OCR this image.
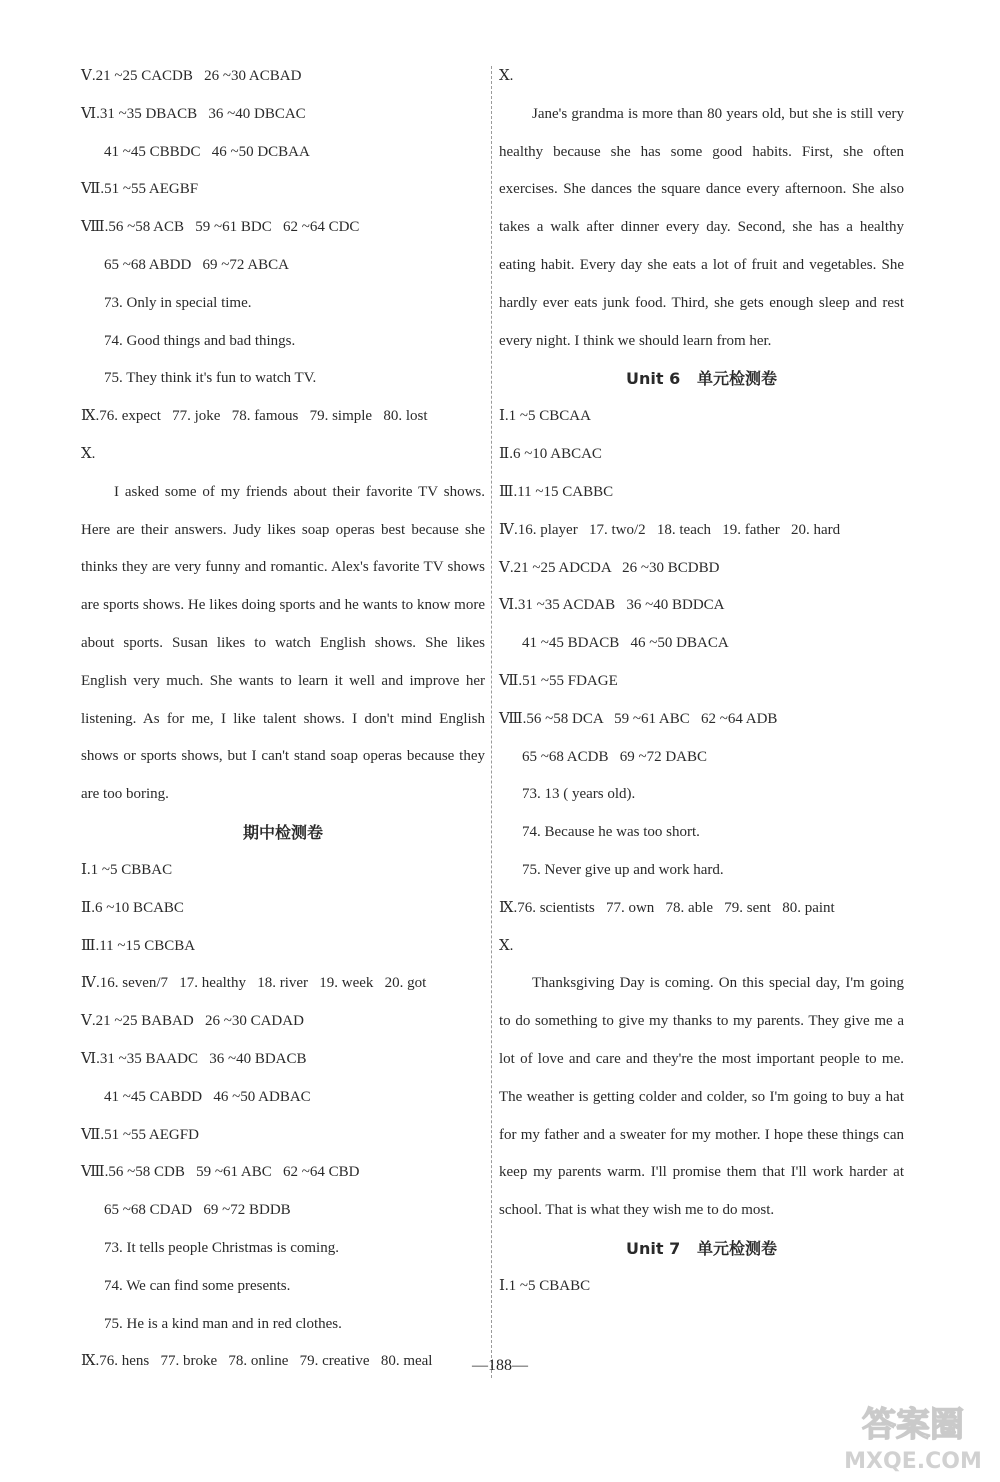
Ⅴ.21 ~25 CACDB   26 ~30 ACBAD
Ⅵ.31 ~35 DBACB   36 ~40 DBCAC
41 ~45 CBBDC   46 ~50 DCBAA
Ⅶ.51 ~55 AEGBF
Ⅷ.56 ~58 ACB   59 ~61 BDC   62 ~64 CDC
65 ~68 ABDD   69 ~72 ABCA
73. Only in special time.
74. Good things and bad things.
75. They think it's fun to watch TV.
Ⅸ.76. expect   77. joke   78. famous   79. simple   80. lost
Ⅹ.

I asked some of my friends about their favorite TV shows. Here are their answers. Judy likes soap operas best because she thinks they are very funny and romantic. Alex's favorite TV shows are sports shows. He likes doing sports and he wants to know more about sports. Susan likes to watch English shows. She likes English very much. She wants to learn it well and improve her listening. As for me, I like talent shows. I don't mind English shows or sports shows, but I can't stand soap operas because they are too boring.

期中检测卷
Ⅰ.1 ~5 CBBAC
Ⅱ.6 ~10 BCABC
Ⅲ.11 ~15 CBCBA
Ⅳ.16. seven/7   17. healthy   18. river   19. week   20. got
Ⅴ.21 ~25 BABAD   26 ~30 CADAD
Ⅵ.31 ~35 BAADC   36 ~40 BDACB
41 ~45 CABDD   46 ~50 ADBAC
Ⅶ.51 ~55 AEGFD
Ⅷ.56 ~58 CDB   59 ~61 ABC   62 ~64 CBD
65 ~68 CDAD   69 ~72 BDDB
73. It tells people Christmas is coming.
74. We can find some presents.
75. He is a kind man and in red clothes.
Ⅸ.76. hens   77. broke   78. online   79. creative   80. meal
Ⅹ.

Jane's grandma is more than 80 years old, but she is still very healthy because she has some good habits. First, she often exercises. She dances the square dance every afternoon. She also takes a walk after dinner every day. Second, she has a healthy eating habit. Every day she eats a lot of fruit and vegetables. She hardly ever eats junk food. Third, she gets enough sleep and rest every night. I think we should learn from her.

Unit 6   单元检测卷
Ⅰ.1 ~5 CBCAA
Ⅱ.6 ~10 ABCAC
Ⅲ.11 ~15 CABBC
Ⅳ.16. player   17. two/2   18. teach   19. father   20. hard
Ⅴ.21 ~25 ADCDA   26 ~30 BCDBD
Ⅵ.31 ~35 ACDAB   36 ~40 BDDCA
41 ~45 BDACB   46 ~50 DBACA
Ⅶ.51 ~55 FDAGE
Ⅷ.56 ~58 DCA   59 ~61 ABC   62 ~64 ADB
65 ~68 ACDB   69 ~72 DABC
73. 13 ( years old).
74. Because he was too short.
75. Never give up and work hard.
Ⅸ.76. scientists   77. own   78. able   79. sent   80. paint
Ⅹ.

Thanksgiving Day is coming. On this special day, I'm going to do something to give my thanks to my parents. They give me a lot of love and care and they're the most important people to me. The weather is getting colder and colder, so I'm going to buy a hat for my father and a sweater for my mother. I hope these things can keep my parents warm. I'll promise them that I'll work harder at school. That is what they wish me to do most.

Unit 7   单元检测卷
Ⅰ.1 ~5 CBABC
—188—
答案圈
MXQE.COM
